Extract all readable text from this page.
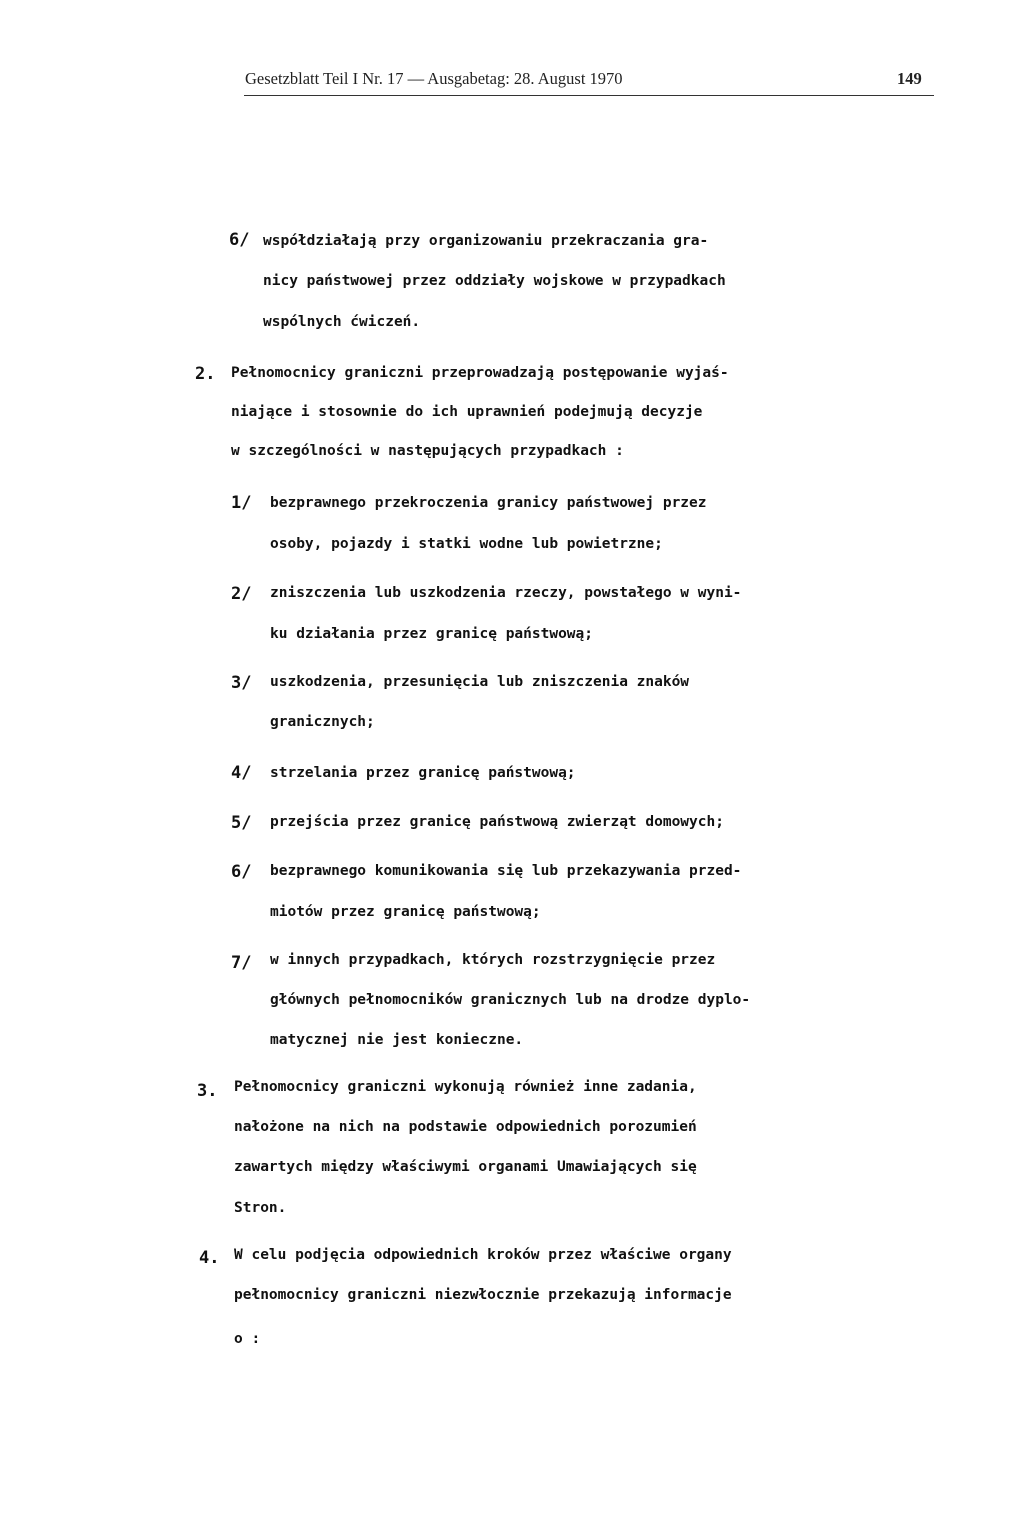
Gesetzblatt Teil I Nr. 17 — Ausgabetag: 28. August 1970	149
6/ współdziałają przy organizowaniu przekraczania gra-
nicy państwowej przez oddziały wojskowe w przypadkach
wspólnych ćwiczeń.
2. Pełnomocnicy graniczni przeprowadzają postępowanie wyjaś-
niające i stosownie do ich uprawnień podejmują decyzje
w szczególności w następujących przypadkach :
1/ bezprawnego przekroczenia granicy państwowej przez
osoby, pojazdy i statki wodne lub powietrzne;
2/ zniszczenia lub uszkodzenia rzeczy, powstałego w wyni-
ku działania przez granicę państwową;
3/ uszkodzenia, przesunięcia lub zniszczenia znaków
granicznych;
4/ strzelania przez granicę państwową;
5/ przejścia przez granicę państwową zwierząt domowych;
6/ bezprawnego komunikowania się lub przekazywania przed-
miotów przez granicę państwową;
7/ w innych przypadkach, których rozstrzygnięcie przez
głównych pełnomocników granicznych lub na drodze dyplo-
matycznej nie jest konieczne.
3. Pełnomocnicy graniczni wykonują również inne zadania,
nałożone na nich na podstawie odpowiednich porozumień
zawartych między właściwymi organami Umawiających się
Stron.
4. W celu podjęcia odpowiednich kroków przez właściwe organy
pełnomocnicy graniczni niezwłocznie przekazują informacje
o :
